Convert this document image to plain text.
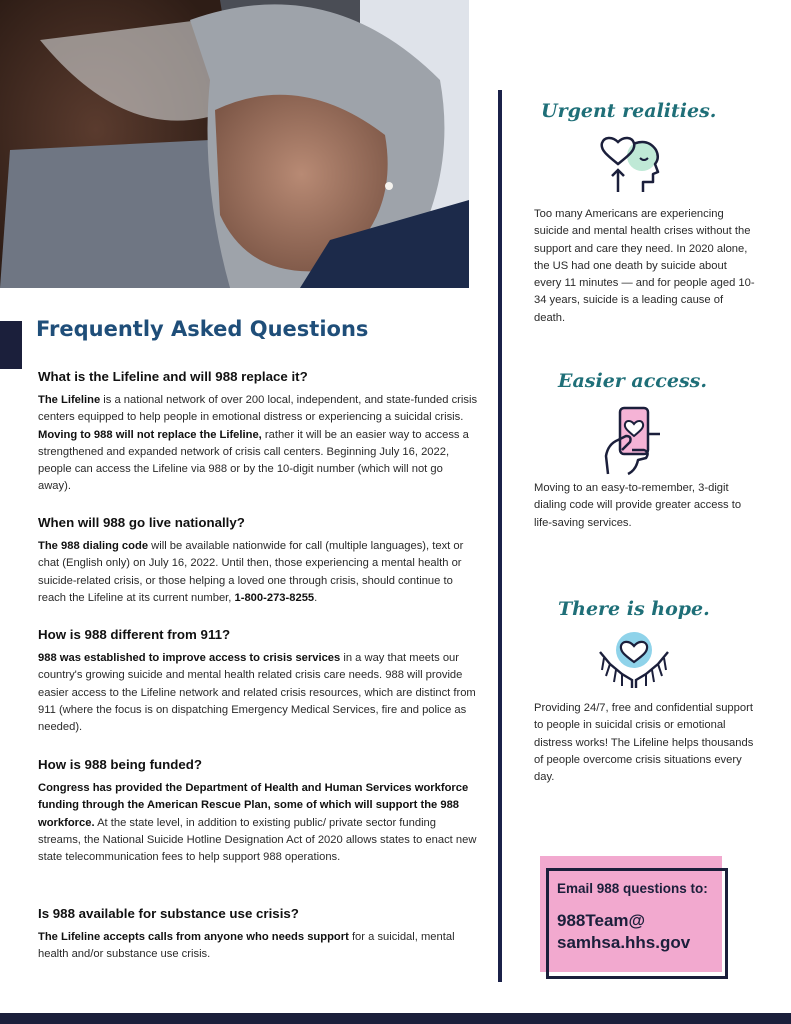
Frequently Asked Questions
What is the Lifeline and will 988 replace it?

The Lifeline is a national network of over 200 local, independent, and state-funded crisis centers equipped to help people in emotional distress or experiencing a suicidal crisis. Moving to 988 will not replace the Lifeline, rather it will be an easier way to access a strengthened and expanded network of crisis call centers. Beginning July 16, 2022, people can access the Lifeline via 988 or by the 10-digit number (which will not go away).

When will 988 go live nationally?

The 988 dialing code will be available nationwide for call (multiple languages), text or chat (English only) on July 16, 2022. Until then, those experiencing a mental health or suicide-related crisis, or those helping a loved one through crisis, should continue to reach the Lifeline at its current number, 1-800-273-8255.

How is 988 different from 911?

988 was established to improve access to crisis services in a way that meets our country's growing suicide and mental health related crisis care needs. 988 will provide easier access to the Lifeline network and related crisis resources, which are distinct from 911 (where the focus is on dispatching Emergency Medical Services, fire and police as needed).

How is 988 being funded?

Congress has provided the Department of Health and Human Services workforce funding through the American Rescue Plan, some of which will support the 988 workforce. At the state level, in addition to existing public/ private sector funding streams, the National Suicide Hotline Designation Act of 2020 allows states to enact new state telecommunication fees to help support 988 operations.

Is 988 available for substance use crisis?

The Lifeline accepts calls from anyone who needs support for a suicidal, mental health and/or substance use crisis.

Urgent realities.
Too many Americans are experiencing suicide and mental health crises without the support and care they need. In 2020 alone, the US had one death by suicide about every 11 minutes — and for people aged 10-34 years, suicide is a leading cause of death.
Easier access.
Moving to an easy-to-remember, 3-digit dialing code will provide greater access to life-saving services.
There is hope.
Providing 24/7, free and confidential support to people in suicidal crisis or emotional distress works! The Lifeline helps thousands of people overcome crisis situations every day.
Email 988 questions to:
988Team@ samhsa.hhs.gov
